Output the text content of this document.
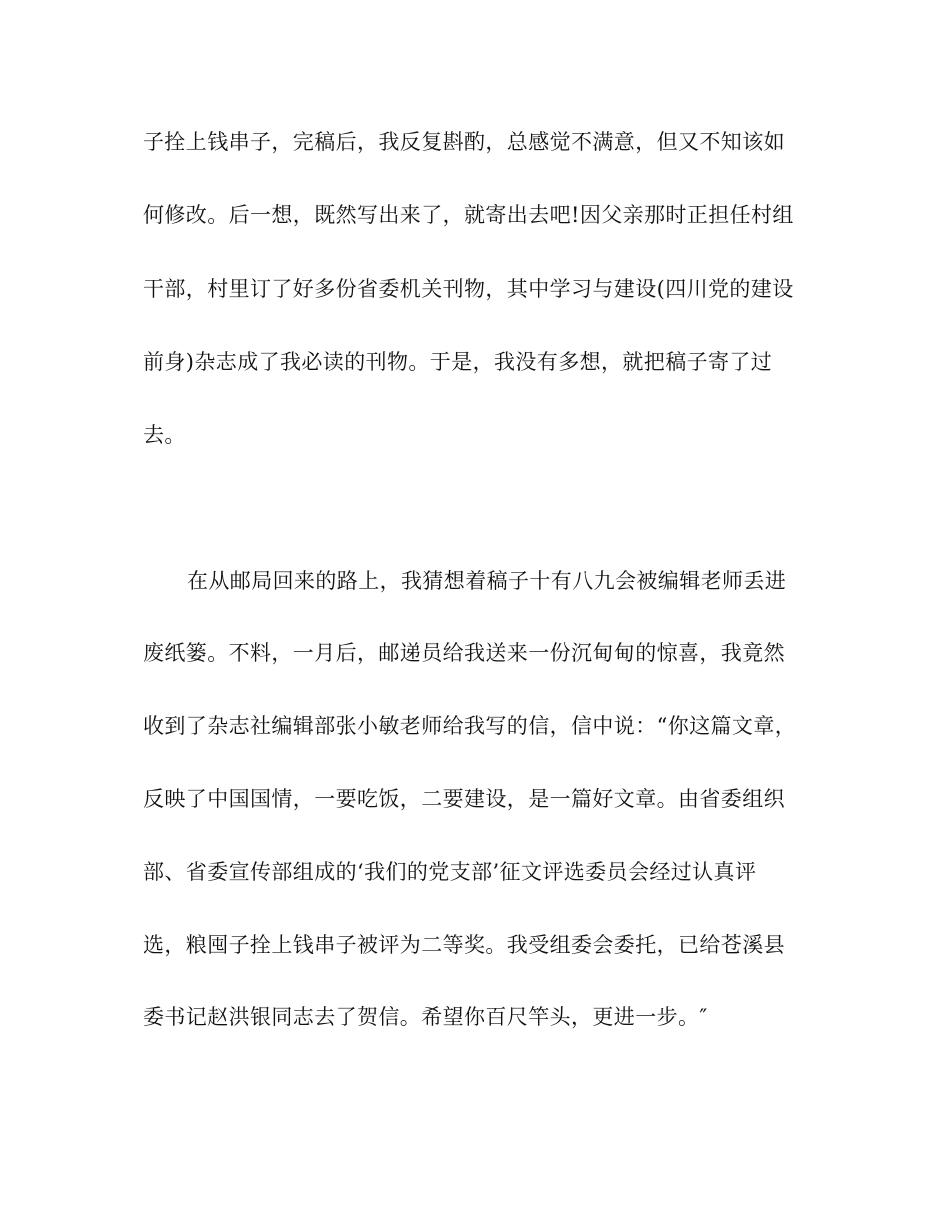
子拴上钱串子，完稿后，我反复斟酌，总感觉不满意，但又不知该如
何修改。后一想，既然写出来了，就寄出去吧!因父亲那时正担任村组
干部，村里订了好多份省委机关刊物，其中学习与建设(四川党的建设
前身)杂志成了我必读的刊物。于是，我没有多想，就把稿子寄了过
去。
在从邮局回来的路上，我猜想着稿子十有八九会被编辑老师丢进
废纸篓。不料，一月后，邮递员给我送来一份沉甸甸的惊喜，我竟然
收到了杂志社编辑部张小敏老师给我写的信，信中说：“你这篇文章，
反映了中国国情，一要吃饭，二要建设，是一篇好文章。由省委组织
部、省委宣传部组成的‘我们的党支部’征文评选委员会经过认真评
选，粮囤子拴上钱串子被评为二等奖。我受组委会委托，已给苍溪县
委书记赵洪银同志去了贺信。希望你百尺竿头，更进一步。″
